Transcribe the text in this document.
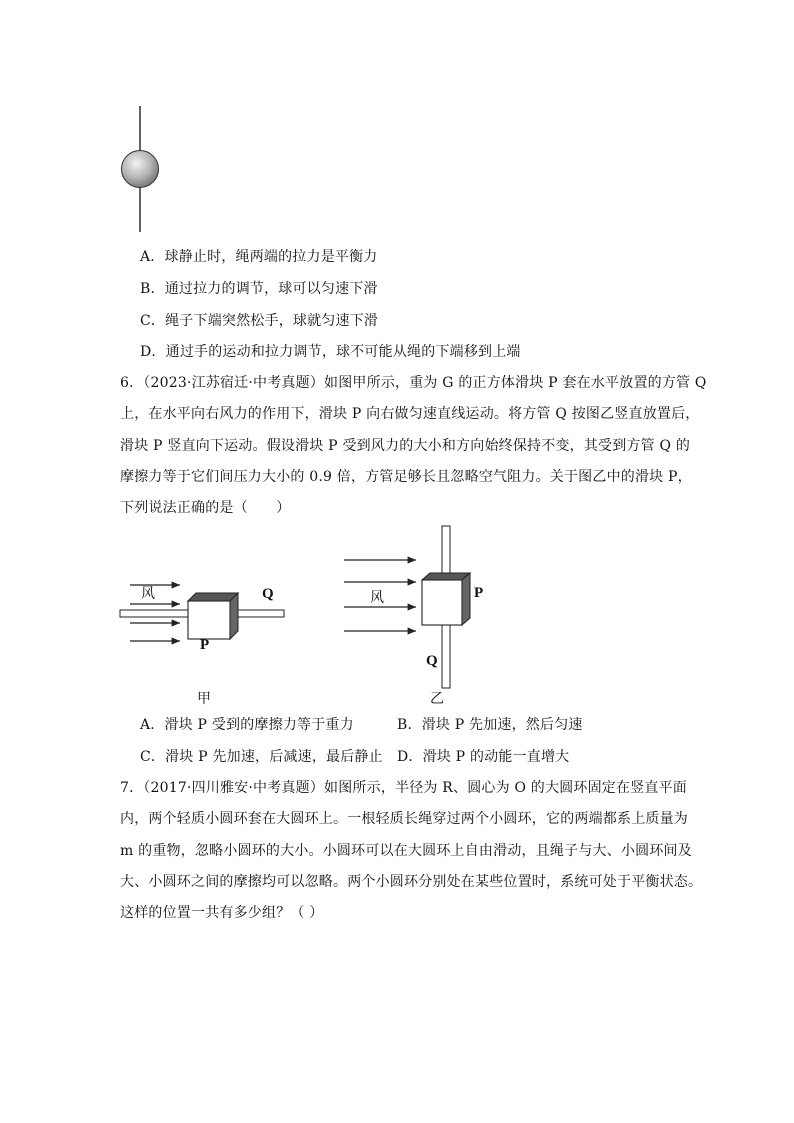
A．球静止时，绳两端的拉力是平衡力
B．通过拉力的调节，球可以匀速下滑
C．绳子下端突然松手，球就匀速下滑
D．通过手的运动和拉力调节，球不可能从绳的下端移到上端
6．（2023·江苏宿迁·中考真题）如图甲所示，重为 G 的正方体滑块 P 套在水平放置的方管 Q
上，在水平向右风力的作用下，滑块 P 向右做匀速直线运动。将方管 Q 按图乙竖直放置后，
滑块 P 竖直向下运动。假设滑块 P 受到风力的大小和方向始终保持不变，其受到方管 Q 的
摩擦力等于它们间压力大小的 0.9 倍，方管足够长且忽略空气阻力。关于图乙中的滑块 P，
下列说法正确的是（　　）
风	Q
P
甲
风	P
Q
乙
A．滑块 P 受到的摩擦力等于重力	B．滑块 P 先加速，然后匀速
C．滑块 P 先加速，后减速，最后静止 D．滑块 P 的动能一直增大
7．（2017·四川雅安·中考真题）如图所示，半径为 R、圆心为 O 的大圆环固定在竖直平面
内，两个轻质小圆环套在大圆环上。一根轻质长绳穿过两个小圆环，它的两端都系上质量为
m 的重物，忽略小圆环的大小。小圆环可以在大圆环上自由滑动，且绳子与大、小圆环间及
大、小圆环之间的摩擦均可以忽略。两个小圆环分别处在某些位置时，系统可处于平衡状态。
这样的位置一共有多少组？（ ）
